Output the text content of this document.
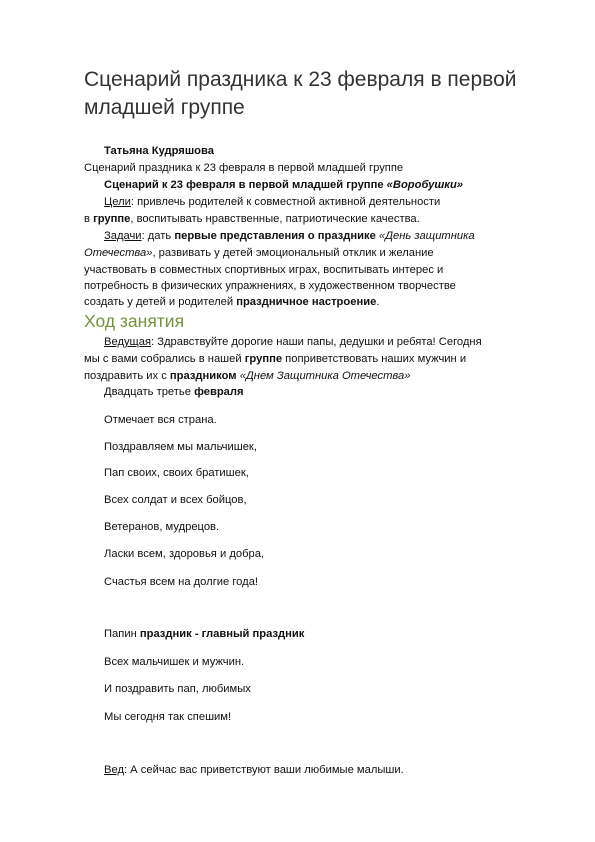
Сценарий праздника к 23 февраля в первой младшей группе

Татьяна Кудряшова

Сценарий праздника к 23 февраля в первой младшей группе

Сценарий к 23 февраля в первой младшей группе «Воробушки»

Цели: привлечь родителей к совместной активной деятельности

в группе, воспитывать нравственные, патриотические качества.

Задачи: дать первые представления о празднике «День защитника

Отечества», развивать у детей эмоциональный отклик и желание

участвовать в совместных спортивных играх, воспитывать интерес и

потребность в физических упражнениях, в художественном творчестве

создать у детей и родителей праздничное настроение.

Ход занятия

Ведущая: Здравствуйте дорогие наши папы, дедушки и ребята! Сегодня

мы с вами собрались в нашей группе поприветствовать наших мужчин и

поздравить их с праздником «Днем Защитника Отечества»

Двадцать третье февраля

Отмечает вся страна.

Поздравляем мы мальчишек,

Пап своих, своих братишек,

Всех солдат и всех бойцов,

Ветеранов, мудрецов.

Ласки всем, здоровья и добра,

Счастья всем на долгие года!

Папин праздник - главный праздник

Всех мальчишек и мужчин.

И поздравить пап, любимых

Мы сегодня так спешим!

Вед: А сейчас вас приветствуют ваши любимые малыши.
